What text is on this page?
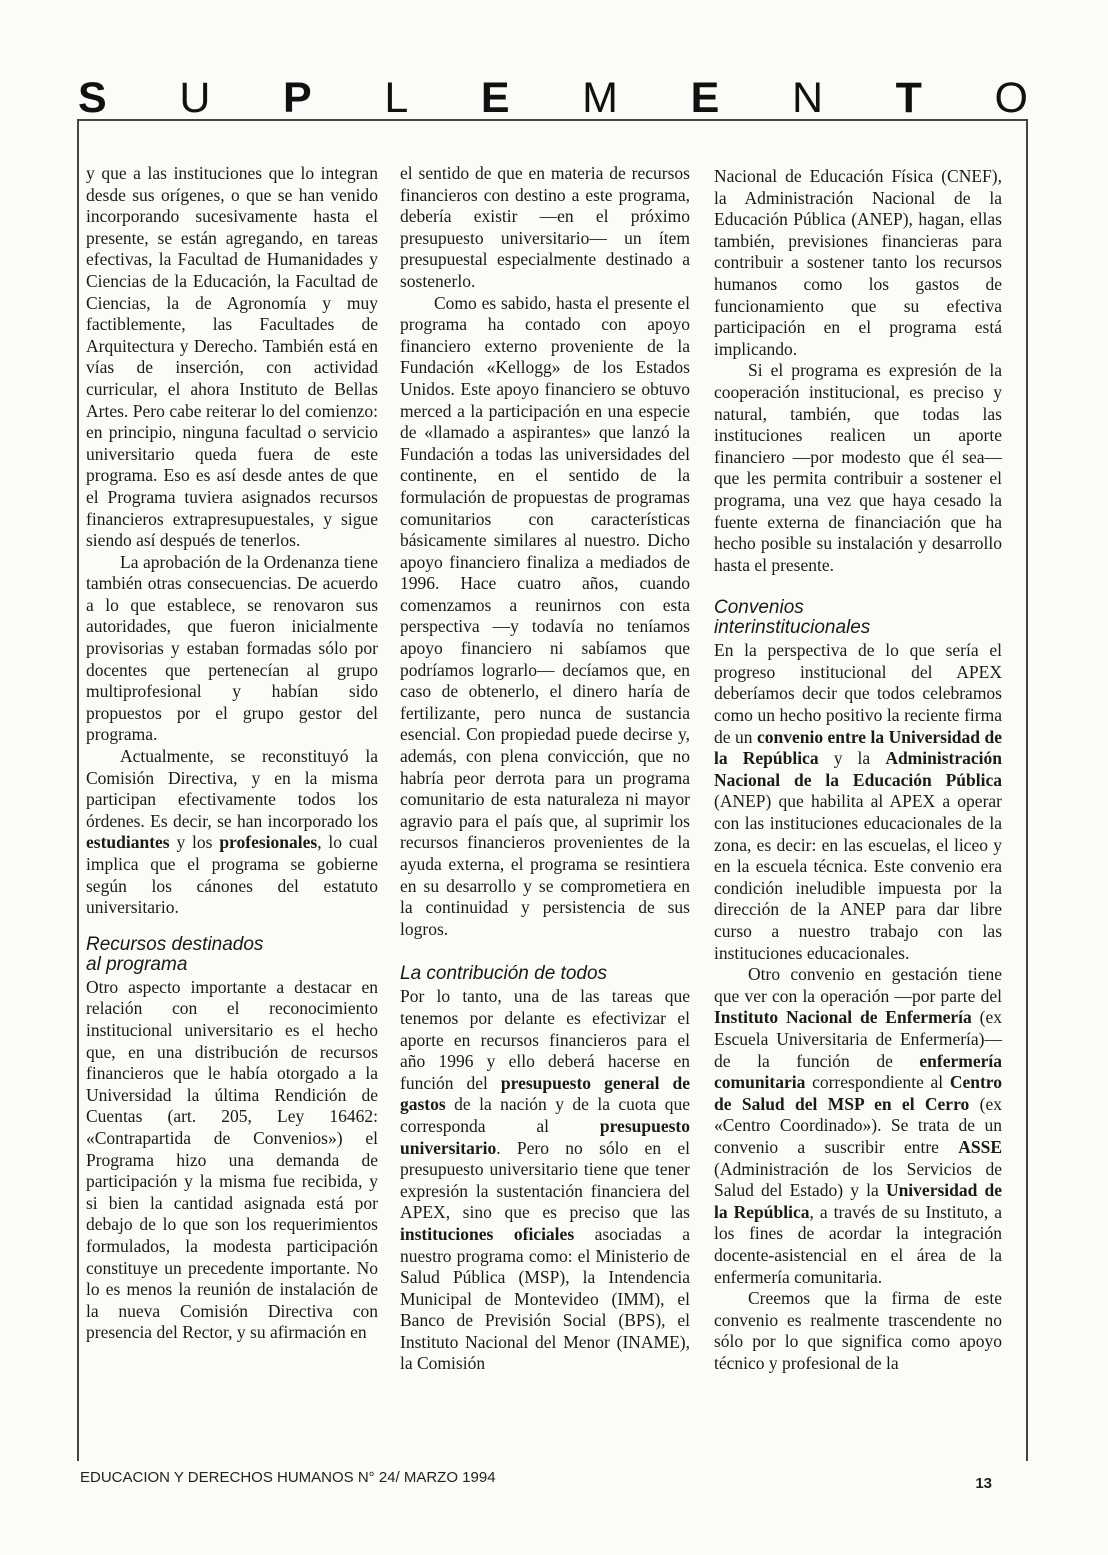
S U P L E M E N T O

y que a las instituciones que lo integran desde sus orígenes, o que se han venido incorporando sucesivamente hasta el presente, se están agregando, en tareas efectivas, la Facultad de Humanidades y Ciencias de la Educación, la Facultad de Ciencias, la de Agronomía y muy factiblemente, las Facultades de Arquitectura y Derecho. También está en vías de inserción, con actividad curricular, el ahora Instituto de Bellas Artes. Pero cabe reiterar lo del comienzo: en principio, ninguna facultad o servicio universitario queda fuera de este programa. Eso es así desde antes de que el Programa tuviera asignados recursos financieros extrapresupuestales, y sigue siendo así después de tenerlos.

La aprobación de la Ordenanza tiene también otras consecuencias. De acuerdo a lo que establece, se renovaron sus autoridades, que fueron inicialmente provisorias y estaban formadas sólo por docentes que pertenecían al grupo multiprofesional y habían sido propuestos por el grupo gestor del programa.

Actualmente, se reconstituyó la Comisión Directiva, y en la misma participan efectivamente todos los órdenes. Es decir, se han incorporado los estudiantes y los profesionales, lo cual implica que el programa se gobierne según los cánones del estatuto universitario.

Recursos destinados
al programa

Otro aspecto importante a destacar en relación con el reconocimiento institucional universitario es el hecho que, en una distribución de recursos financieros que le había otorgado a la Universidad la última Rendición de Cuentas (art. 205, Ley 16462: «Contrapartida de Convenios») el Programa hizo una demanda de participación y la misma fue recibida, y si bien la cantidad asignada está por debajo de lo que son los requerimientos formulados, la modesta participación constituye un precedente importante. No lo es menos la reunión de instalación de la nueva Comisión Directiva con presencia del Rector, y su afirmación en

el sentido de que en materia de recursos financieros con destino a este programa, debería existir —en el próximo presupuesto universitario— un ítem presupuestal especialmente destinado a sostenerlo.

Como es sabido, hasta el presente el programa ha contado con apoyo financiero externo proveniente de la Fundación «Kellogg» de los Estados Unidos. Este apoyo financiero se obtuvo merced a la participación en una especie de «llamado a aspirantes» que lanzó la Fundación a todas las universidades del continente, en el sentido de la formulación de propuestas de programas comunitarios con características básicamente similares al nuestro. Dicho apoyo financiero finaliza a mediados de 1996. Hace cuatro años, cuando comenzamos a reunirnos con esta perspectiva —y todavía no teníamos apoyo financiero ni sabíamos que podríamos lograrlo— decíamos que, en caso de obtenerlo, el dinero haría de fertilizante, pero nunca de sustancia esencial. Con propiedad puede decirse y, además, con plena convicción, que no habría peor derrota para un programa comunitario de esta naturaleza ni mayor agravio para el país que, al suprimir los recursos financieros provenientes de la ayuda externa, el programa se resintiera en su desarrollo y se comprometiera en la continuidad y persistencia de sus logros.

La contribución de todos

Por lo tanto, una de las tareas que tenemos por delante es efectivizar el aporte en recursos financieros para el año 1996 y ello deberá hacerse en función del presupuesto general de gastos de la nación y de la cuota que corresponda al presupuesto universitario. Pero no sólo en el presupuesto universitario tiene que tener expresión la sustentación financiera del APEX, sino que es preciso que las instituciones oficiales asociadas a nuestro programa como: el Ministerio de Salud Pública (MSP), la Intendencia Municipal de Montevideo (IMM), el Banco de Previsión Social (BPS), el Instituto Nacional del Menor (INAME), la Comisión

Nacional de Educación Física (CNEF), la Administración Nacional de la Educación Pública (ANEP), hagan, ellas también, previsiones financieras para contribuir a sostener tanto los recursos humanos como los gastos de funcionamiento que su efectiva participación en el programa está implicando.

Si el programa es expresión de la cooperación institucional, es preciso y natural, también, que todas las instituciones realicen un aporte financiero —por modesto que él sea— que les permita contribuir a sostener el programa, una vez que haya cesado la fuente externa de financiación que ha hecho posible su instalación y desarrollo hasta el presente.

Convenios
interinstitucionales

En la perspectiva de lo que sería el progreso institucional del APEX deberíamos decir que todos celebramos como un hecho positivo la reciente firma de un convenio entre la Universidad de la República y la Administración Nacional de la Educación Pública (ANEP) que habilita al APEX a operar con las instituciones educacionales de la zona, es decir: en las escuelas, el liceo y en la escuela técnica. Este convenio era condición ineludible impuesta por la dirección de la ANEP para dar libre curso a nuestro trabajo con las instituciones educacionales.

Otro convenio en gestación tiene que ver con la operación —por parte del Instituto Nacional de Enfermería (ex Escuela Universitaria de Enfermería)— de la función de enfermería comunitaria correspondiente al Centro de Salud del MSP en el Cerro (ex «Centro Coordinado»). Se trata de un convenio a suscribir entre ASSE (Administración de los Servicios de Salud del Estado) y la Universidad de la República, a través de su Instituto, a los fines de acordar la integración docente-asistencial en el área de la enfermería comunitaria.

Creemos que la firma de este convenio es realmente trascendente no sólo por lo que significa como apoyo técnico y profesional de la

EDUCACION Y DERECHOS HUMANOS N° 24/ MARZO 1994	13
